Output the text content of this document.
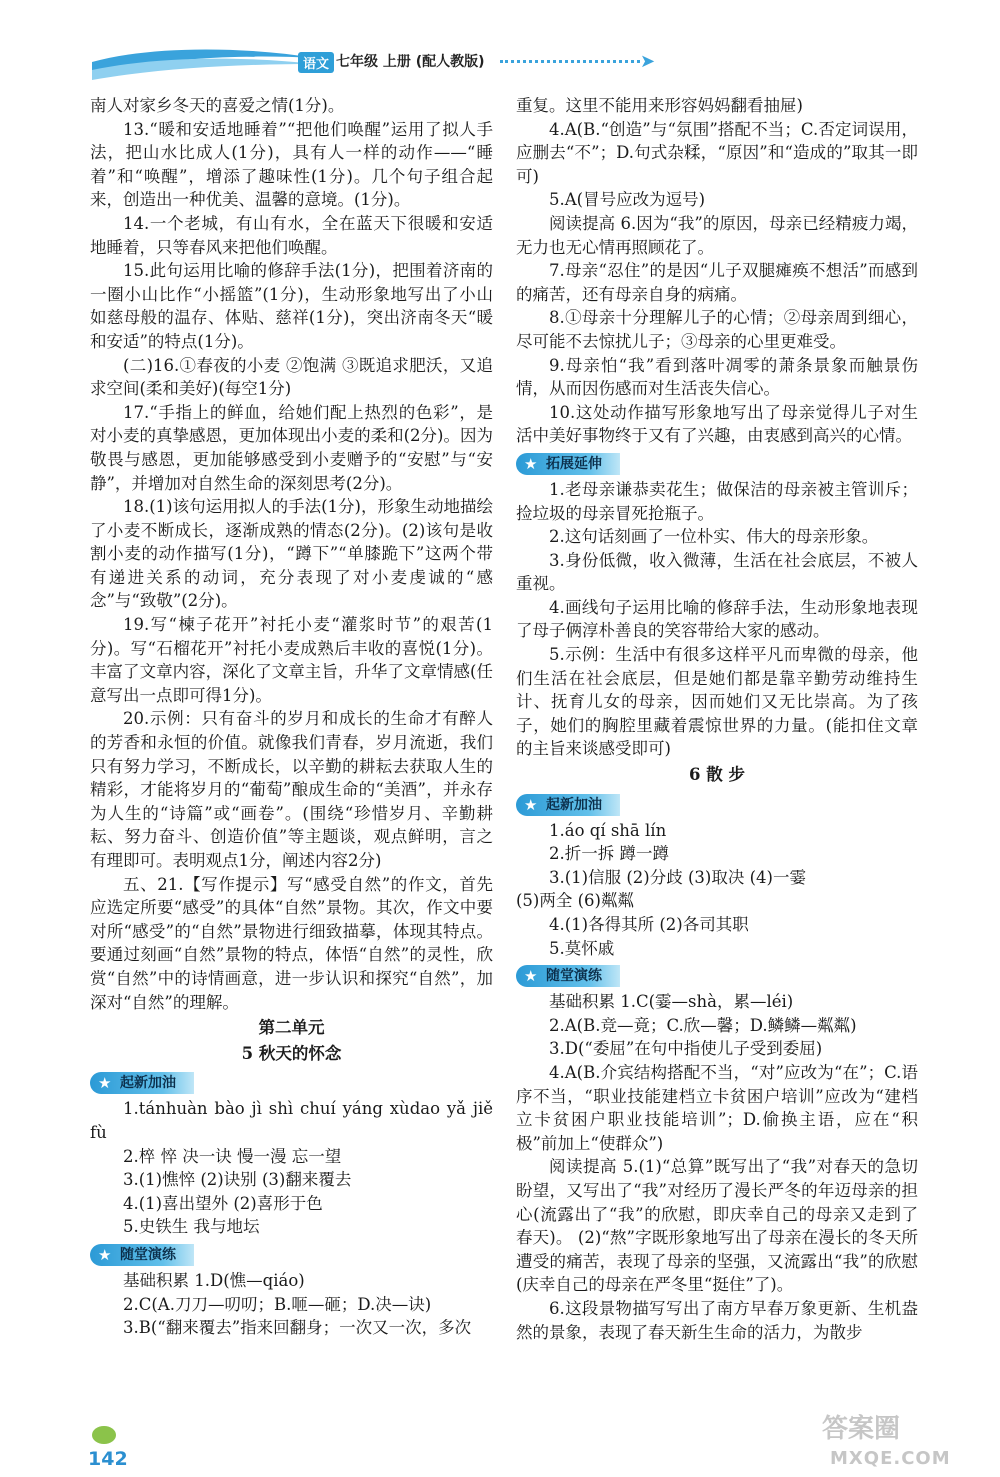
语文 七年级 上册 (配人教版)	➤

南人对家乡冬天的喜爱之情(1分)。

13.“暖和安适地睡着”“把他们唤醒”运用了拟人手法，把山水比成人(1分)，具有人一样的动作——“睡着”和“唤醒”，增添了趣味性(1分)。几个句子组合起来，创造出一种优美、温馨的意境。(1分)。

14.一个老城，有山有水，全在蓝天下很暖和安适地睡着，只等春风来把他们唤醒。

15.此句运用比喻的修辞手法(1分)，把围着济南的一圈小山比作“小摇篮”(1分)，生动形象地写出了小山如慈母般的温存、体贴、慈祥(1分)，突出济南冬天“暖和安适”的特点(1分)。

(二)16.①春夜的小麦 ②饱满 ③既追求肥沃，又追求空间(柔和美好)(每空1分)

17.“手指上的鲜血，给她们配上热烈的色彩”，是对小麦的真挚感恩，更加体现出小麦的柔和(2分)。因为敬畏与感恩，更加能够感受到小麦赠予的“安慰”与“安静”，并增加对自然生命的深刻思考(2分)。

18.(1)该句运用拟人的手法(1分)，形象生动地描绘了小麦不断成长，逐渐成熟的情态(2分)。(2)该句是收割小麦的动作描写(1分)，“蹲下”“单膝跪下”这两个带有递进关系的动词，充分表现了对小麦虔诚的“感念”与“致敬”(2分)。

19.写“楝子花开”衬托小麦“灌浆时节”的艰苦(1分)。写“石榴花开”衬托小麦成熟后丰收的喜悦(1分)。丰富了文章内容，深化了文章主旨，升华了文章情感(任意写出一点即可得1分)。

20.示例：只有奋斗的岁月和成长的生命才有醉人的芳香和永恒的价值。就像我们青春，岁月流逝，我们只有努力学习，不断成长，以辛勤的耕耘去获取人生的精彩，才能将岁月的“葡萄”酿成生命的“美酒”，并永存为人生的“诗篇”或“画卷”。(围绕“珍惜岁月、辛勤耕耘、努力奋斗、创造价值”等主题谈，观点鲜明，言之有理即可。表明观点1分，阐述内容2分)

五、21.【写作提示】写“感受自然”的作文，首先应选定所要“感受”的具体“自然”景物。其次，作文中要对所“感受”的“自然”景物进行细致描摹，体现其特点。要通过刻画“自然”景物的特点，体悟“自然”的灵性，欣赏“自然”中的诗情画意，进一步认识和探究“自然”，加深对“自然”的理解。

第二单元

5 秋天的怀念

★ 起新加油

1.tánhuàn bào jì shì chuí yáng xùdao yǎ jiě fù

2.椊 悴 决一诀 慢一漫 忘一望

3.(1)憔悴 (2)诀别 (3)翻来覆去

4.(1)喜出望外 (2)喜形于色

5.史铁生 我与地坛

★ 随堂演练

基础积累 1.D(憔—qiáo)

2.C(A.刀刀—叨叨；B.咂—砸；D.决—诀)

3.B(“翻来覆去”指来回翻身；一次又一次，多次

重复。这里不能用来形容妈妈翻看抽屉)

4.A(B.“创造”与“氛围”搭配不当；C.否定词误用，应删去“不”；D.句式杂糅，“原因”和“造成的”取其一即可)

5.A(冒号应改为逗号)

阅读提高 6.因为“我”的原因，母亲已经精疲力竭，无力也无心情再照顾花了。

7.母亲“忍住”的是因“儿子双腿瘫痪不想活”而感到的痛苦，还有母亲自身的病痛。

8.①母亲十分理解儿子的心情；②母亲周到细心，尽可能不去惊扰儿子；③母亲的心里更难受。

9.母亲怕“我”看到落叶凋零的萧条景象而触景伤情，从而因伤感而对生活丧失信心。

10.这处动作描写形象地写出了母亲觉得儿子对生活中美好事物终于又有了兴趣，由衷感到高兴的心情。

★ 拓展延伸

1.老母亲谦恭卖花生；做保洁的母亲被主管训斥；捡垃圾的母亲冒死抢瓶子。

2.这句话刻画了一位朴实、伟大的母亲形象。

3.身份低微，收入微薄，生活在社会底层，不被人重视。

4.画线句子运用比喻的修辞手法，生动形象地表现了母子俩淳朴善良的笑容带给大家的感动。

5.示例：生活中有很多这样平凡而卑微的母亲，他们生活在社会底层，但是她们都是靠辛勤劳动维持生计、抚育儿女的母亲，因而她们又无比崇高。为了孩子，她们的胸腔里藏着震惊世界的力量。(能扣住文章的主旨来谈感受即可)

6 散 步

★ 起新加油

1.áo qí shā lín

2.折一拆 蹲一蹲

3.(1)信服 (2)分歧 (3)取决 (4)一霎

(5)两全 (6)粼粼

4.(1)各得其所 (2)各司其职

5.莫怀戚

★ 随堂演练

基础积累 1.C(霎—shà，累—léi)

2.A(B.竞—竟；C.欣—馨；D.鳞鳞—粼粼)

3.D(“委屈”在句中指使儿子受到委屈)

4.A(B.介宾结构搭配不当，“对”应改为“在”；C.语序不当，“职业技能建档立卡贫困户培训”应改为“建档立卡贫困户职业技能培训”；D.偷换主语，应在“积极”前加上“使群众”)

阅读提高 5.(1)“总算”既写出了“我”对春天的急切盼望，又写出了“我”对经历了漫长严冬的年迈母亲的担心(流露出了“我”的欣慰，即庆幸自己的母亲又走到了春天)。 (2)“熬”字既形象地写出了母亲在漫长的冬天所遭受的痛苦，表现了母亲的坚强，又流露出“我”的欣慰(庆幸自己的母亲在严冬里“挺住”了)。

6.这段景物描写写出了南方早春万象更新、生机盎然的景象，表现了春天新生生命的活力，为散步

142
答案圈
MXQE.COM
